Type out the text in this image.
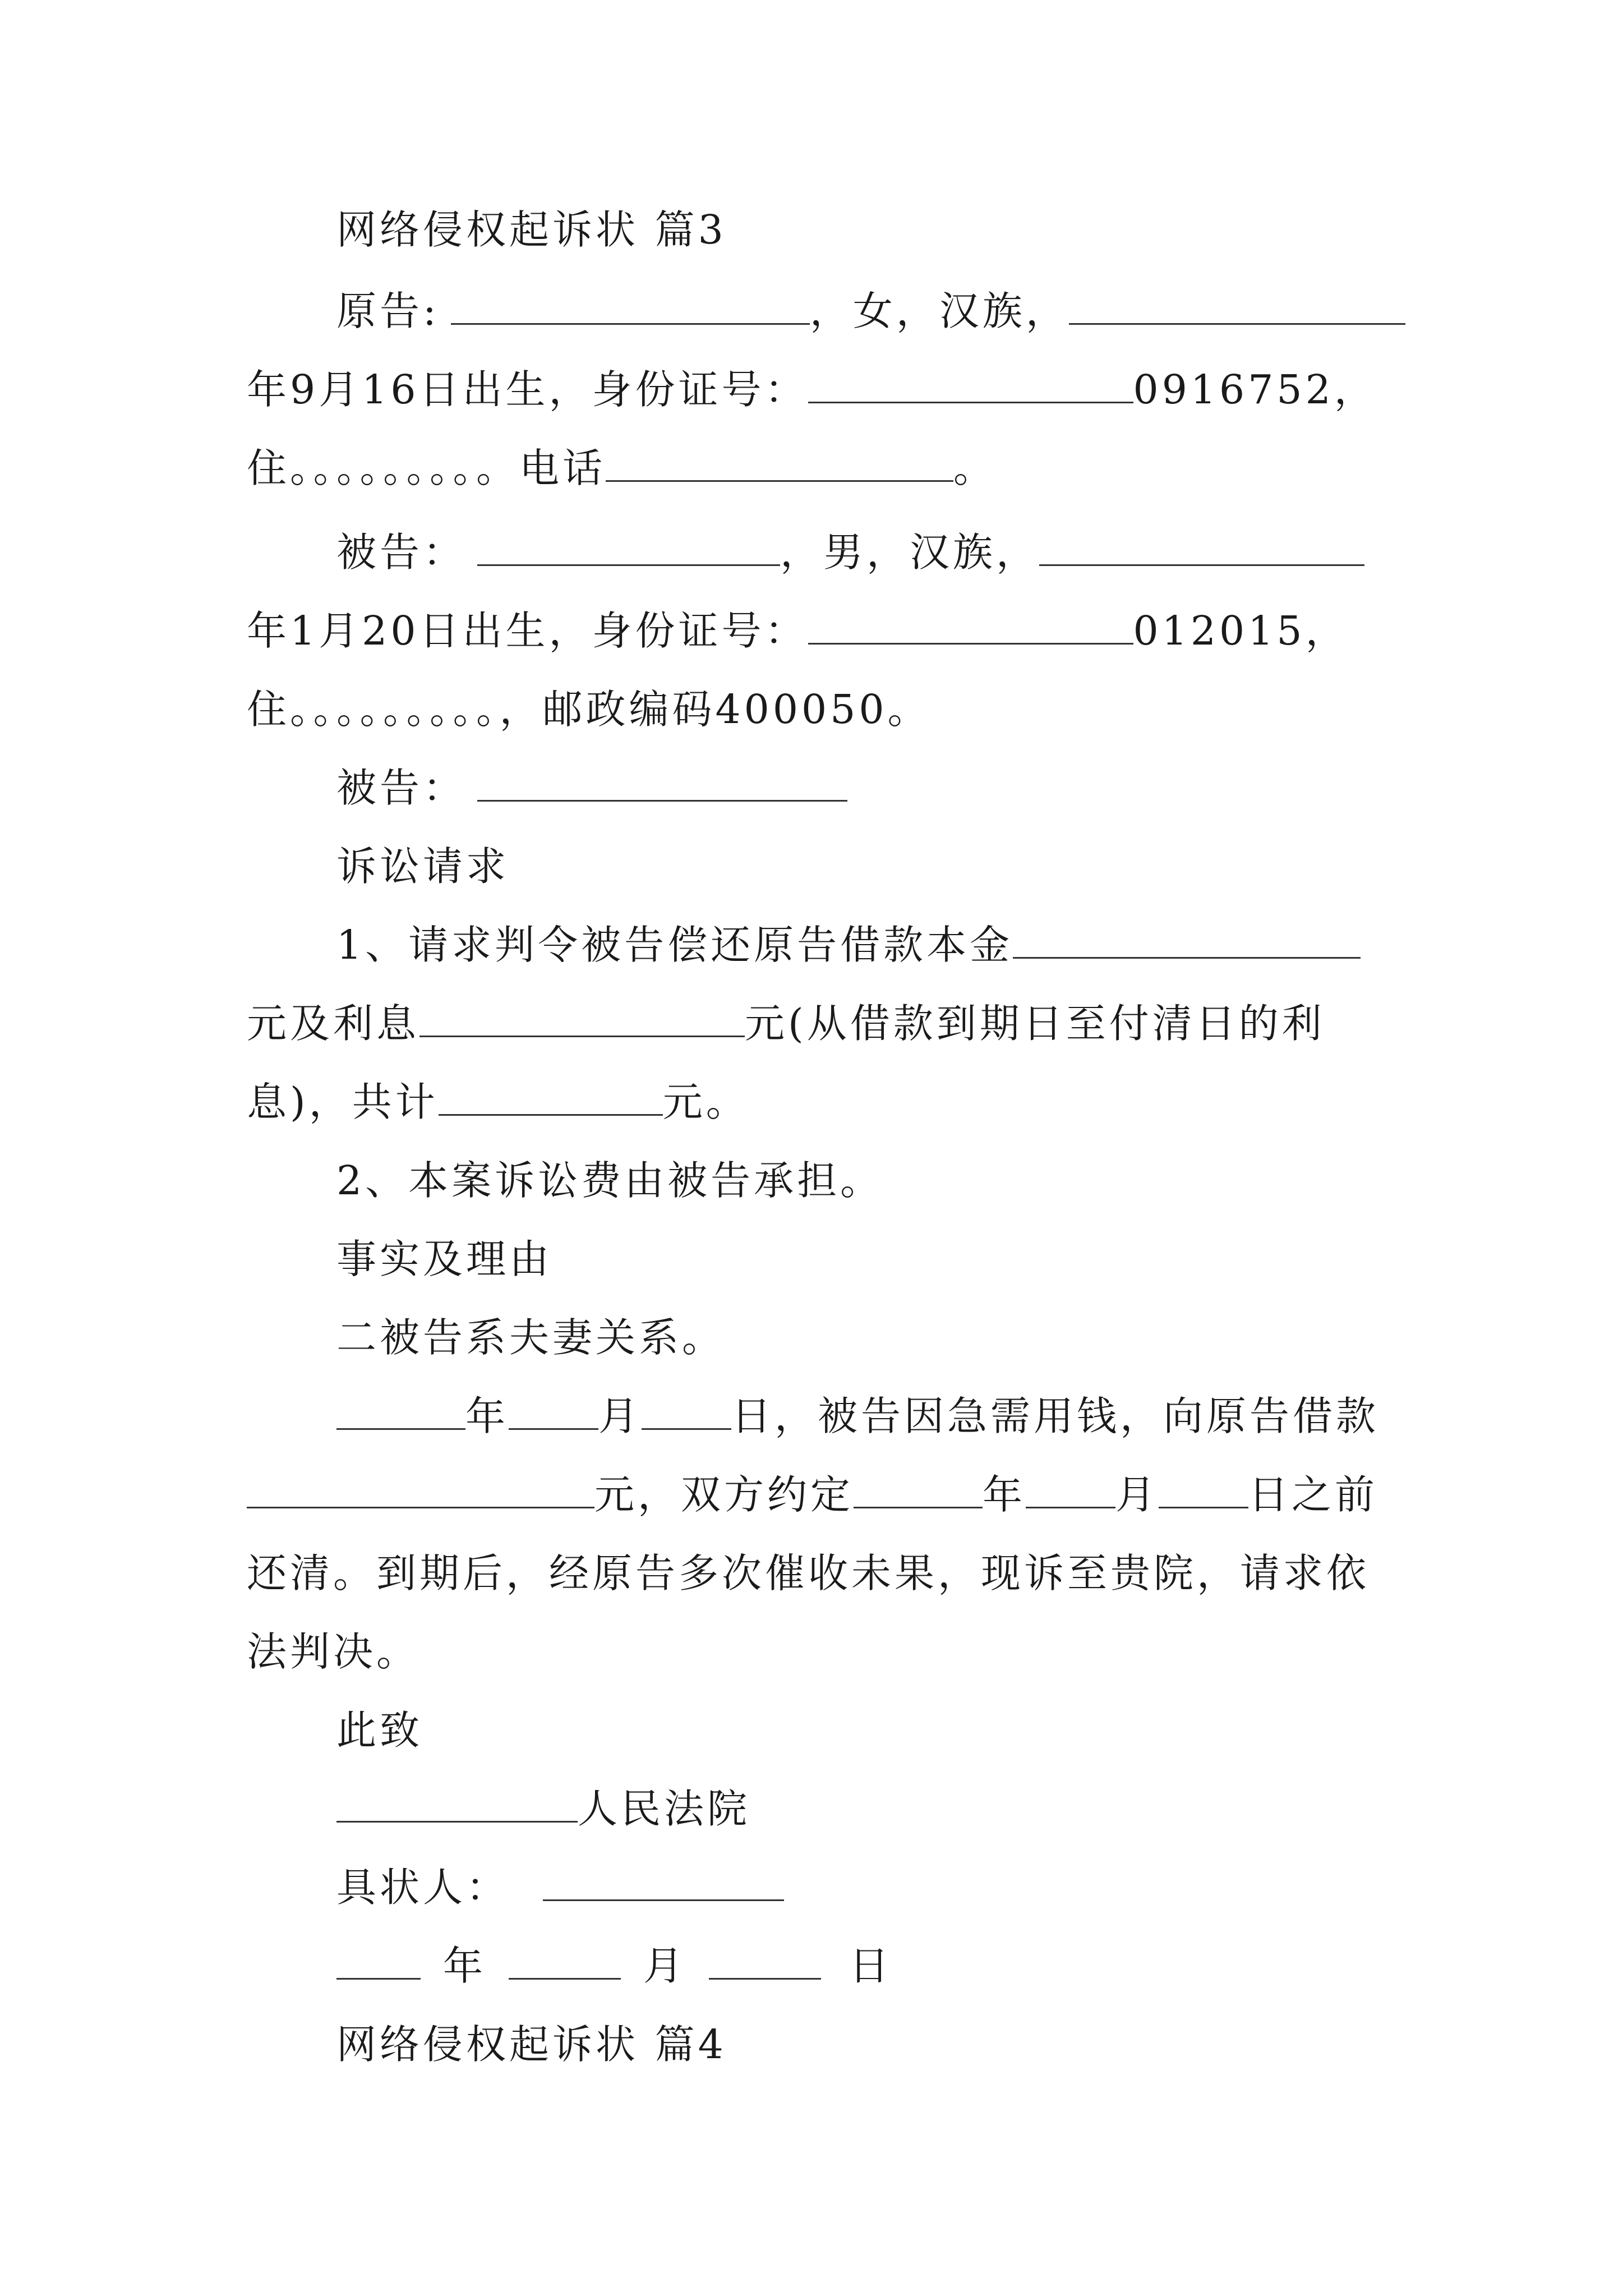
网络侵权起诉状 篇3
原告:	，女，汉族，
年9月16日出生，身份证号：	0916752，
住。。。。。。。。。电话	。
被告：	，男，汉族，
年1月20日出生，身份证号：	012015，
住。。。。。。。。。，邮政编码400050。
被告：
诉讼请求
1、请求判令被告偿还原告借款本金
元及利息	元(从借款到期日至付清日的利
息)，共计	元。
2、本案诉讼费由被告承担。
事实及理由
二被告系夫妻关系。
年 月 日，被告因急需用钱，向原告借款
元，双方约定	年 月 日之前
还清。到期后，经原告多次催收未果，现诉至贵院，请求依
法判决。
此致
人民法院
具状人：
年	月	日
网络侵权起诉状 篇4
